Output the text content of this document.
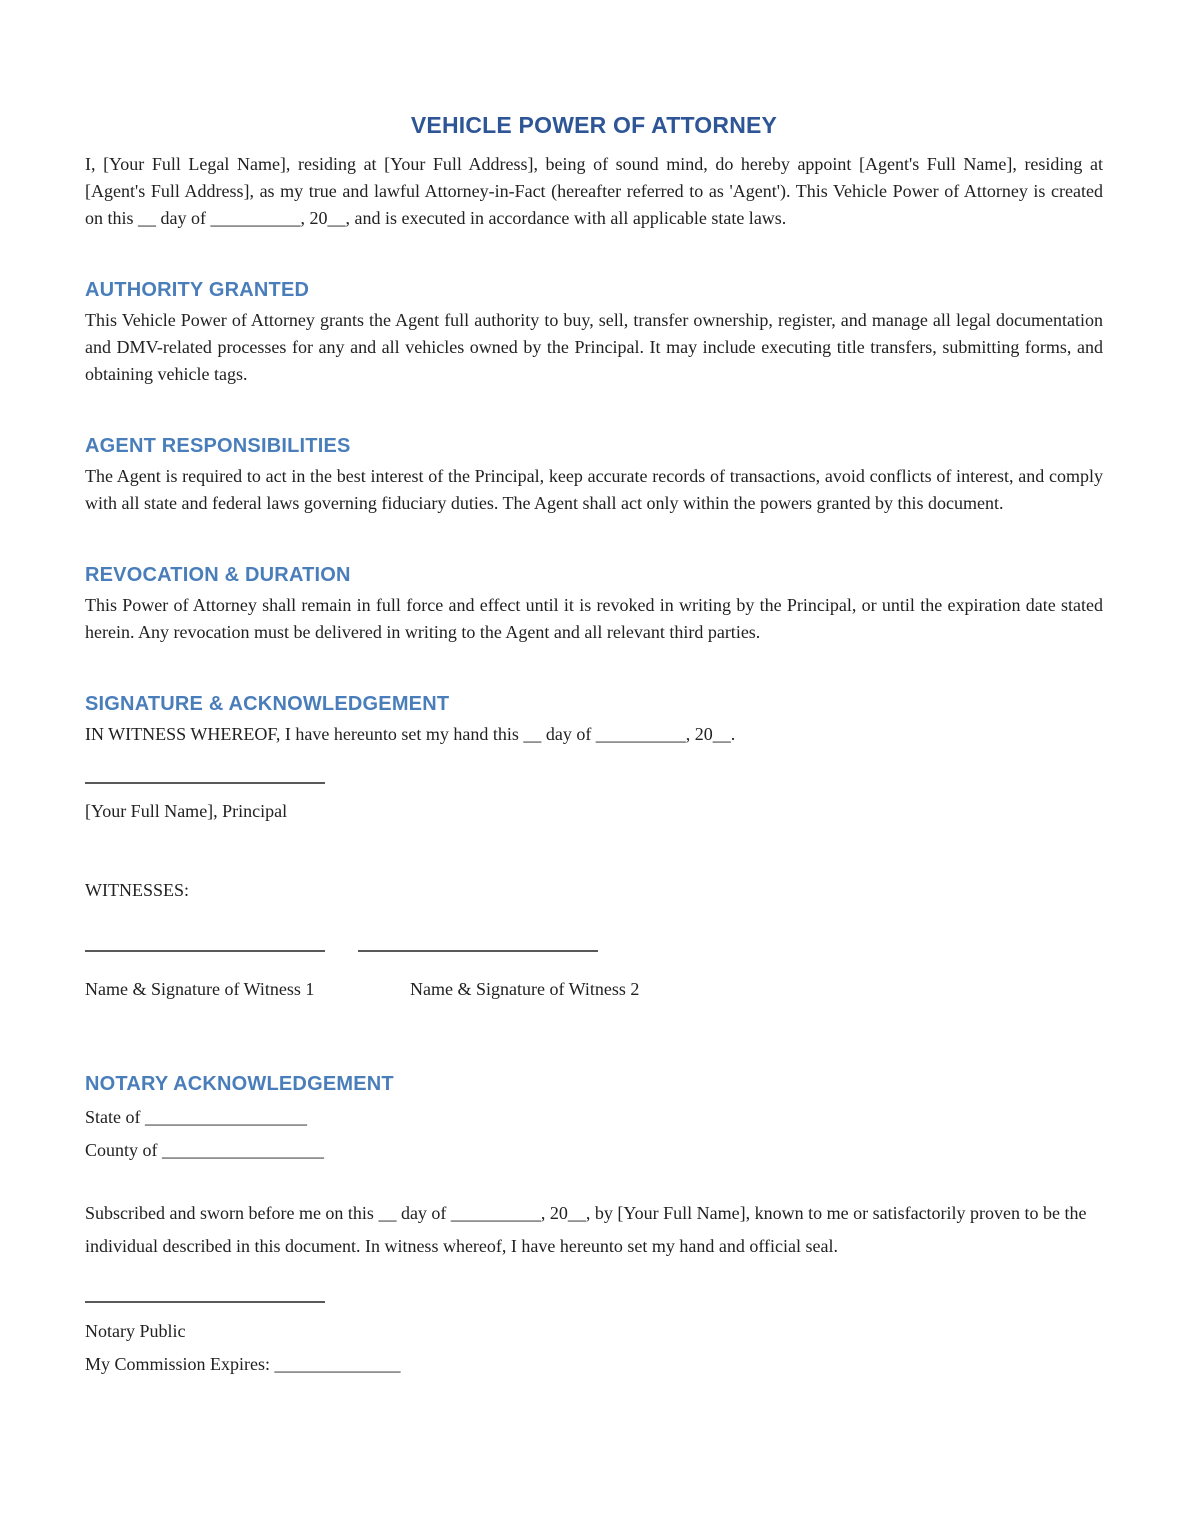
VEHICLE POWER OF ATTORNEY

I, [Your Full Legal Name], residing at [Your Full Address], being of sound mind, do hereby appoint [Agent's Full Name], residing at [Agent's Full Address], as my true and lawful Attorney-in-Fact (hereafter referred to as 'Agent'). This Vehicle Power of Attorney is created on this __ day of __________, 20__, and is executed in accordance with all applicable state laws.

AUTHORITY GRANTED

This Vehicle Power of Attorney grants the Agent full authority to buy, sell, transfer ownership, register, and manage all legal documentation and DMV-related processes for any and all vehicles owned by the Principal. It may include executing title transfers, submitting forms, and obtaining vehicle tags.

AGENT RESPONSIBILITIES

The Agent is required to act in the best interest of the Principal, keep accurate records of transactions, avoid conflicts of interest, and comply with all state and federal laws governing fiduciary duties. The Agent shall act only within the powers granted by this document.

REVOCATION & DURATION

This Power of Attorney shall remain in full force and effect until it is revoked in writing by the Principal, or until the expiration date stated herein. Any revocation must be delivered in writing to the Agent and all relevant third parties.

SIGNATURE & ACKNOWLEDGEMENT

IN WITNESS WHEREOF, I have hereunto set my hand this __ day of __________, 20__.

[Your Full Name], Principal

WITNESSES:

Name & Signature of Witness 1	Name & Signature of Witness 2
NOTARY ACKNOWLEDGEMENT

State of __________________

County of __________________

Subscribed and sworn before me on this __ day of __________, 20__, by [Your Full Name], known to me or satisfactorily proven to be the individual described in this document. In witness whereof, I have hereunto set my hand and official seal.

Notary Public

My Commission Expires: ______________
